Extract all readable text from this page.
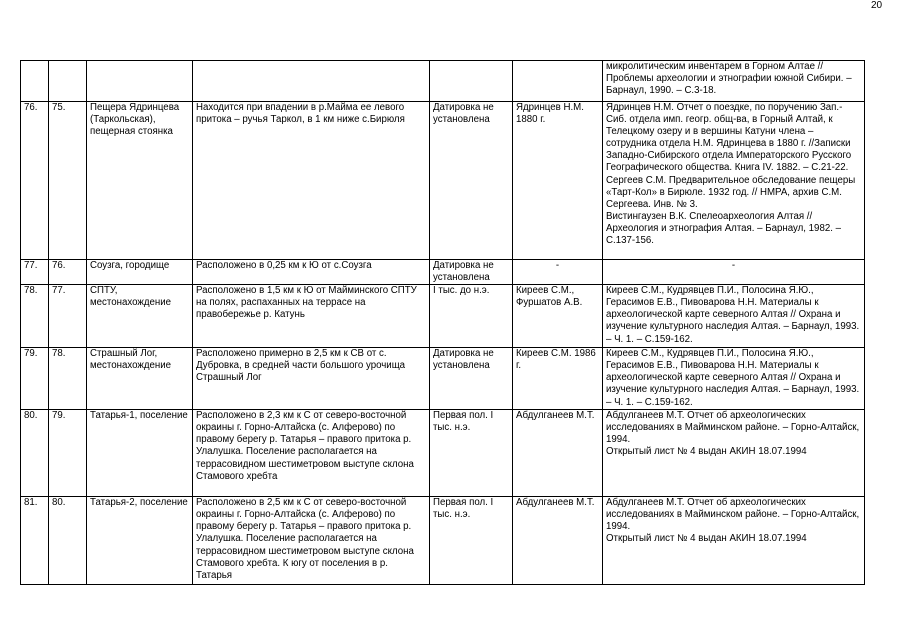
20

						микролитическим инвентарем в Горном Алтае // Проблемы археологии и этнографии южной Сибири. – Барнаул, 1990. – С.3-18.

76.	75.	Пещера Ядринцева (Таркольская), пещерная стоянка	Находится при впадении в р.Майма ее левого притока – ручья Таркол, в 1 км ниже с.Бирюля	Датировка не установлена	Ядринцев Н.М. 1880 г.	Ядринцев Н.М. Отчет о поездке, по поручению Зап.-Сиб. отдела имп. геогр. общ-ва, в Горный Алтай, к Телецкому озеру и в вершины Катуни члена – сотрудника отдела Н.М. Ядринцева в 1880 г. //Записки Западно-Сибирского отдела Императорского Русского Географического общества. Книга IV. 1882. – С.21-22.
Сергеев С.М. Предварительное обследование пещеры «Тарт-Кол» в Бирюле. 1932 год. // НМРА, архив С.М. Сергеева. Инв. № 3.
Вистингаузен В.К. Спелеоархеология Алтая // Археология и этнография Алтая. – Барнаул, 1982. – С.137-156.

77.	76.	Соузга, городище	Расположено в 0,25 км к Ю от с.Соузга	Датировка не установлена	-	-

78.	77.	СПТУ, местонахождение	Расположено в 1,5 км к Ю от Майминского СПТУ на полях, распаханных на террасе на правобережье р. Катунь	I тыс. до н.э.	Киреев С.М., Фуршатов А.В.	Киреев С.М., Кудрявцев П.И., Полосина Я.Ю., Герасимов Е.В., Пивоварова Н.Н. Материалы к археологической карте северного Алтая // Охрана и изучение культурного наследия Алтая. – Барнаул, 1993. – Ч. 1. – С.159-162.

79.	78.	Страшный Лог, местонахождение	Расположено примерно в 2,5 км к СВ от с. Дубровка, в средней части большого урочища Страшный Лог	Датировка не установлена	Киреев С.М. 1986 г.	Киреев С.М., Кудрявцев П.И., Полосина Я.Ю., Герасимов Е.В., Пивоварова Н.Н. Материалы к археологической карте северного Алтая // Охрана и изучение культурного наследия Алтая. – Барнаул, 1993. – Ч. 1. – С.159-162.

80.	79.	Татарья-1, поселение	Расположено в 2,3 км к С от северо-восточной окраины г. Горно-Алтайска (с. Алферово) по правому берегу р. Татарья – правого притока р. Улалушка. Поселение располагается на террасовидном шестиметровом выступе склона Стамового хребта	Первая пол. I тыс. н.э.	Абдулганеев М.Т.	Абдулганеев М.Т. Отчет об археологических исследованиях в Майминском районе. – Горно-Алтайск, 1994.
Открытый лист № 4 выдан АКИН 18.07.1994

81.	80.	Татарья-2, поселение	Расположено в 2,5 км к С от северо-восточной окраины г. Горно-Алтайска (с. Алферово) по правому берегу р. Татарья – правого притока р. Улалушка. Поселение располагается на террасовидном шестиметровом выступе склона Стамового хребта. К югу от поселения в р. Татарья	Первая пол. I тыс. н.э.	Абдулганеев М.Т.	Абдулганеев М.Т. Отчет об археологических исследованиях в Майминском районе. – Горно-Алтайск, 1994.
Открытый лист № 4 выдан АКИН 18.07.1994
